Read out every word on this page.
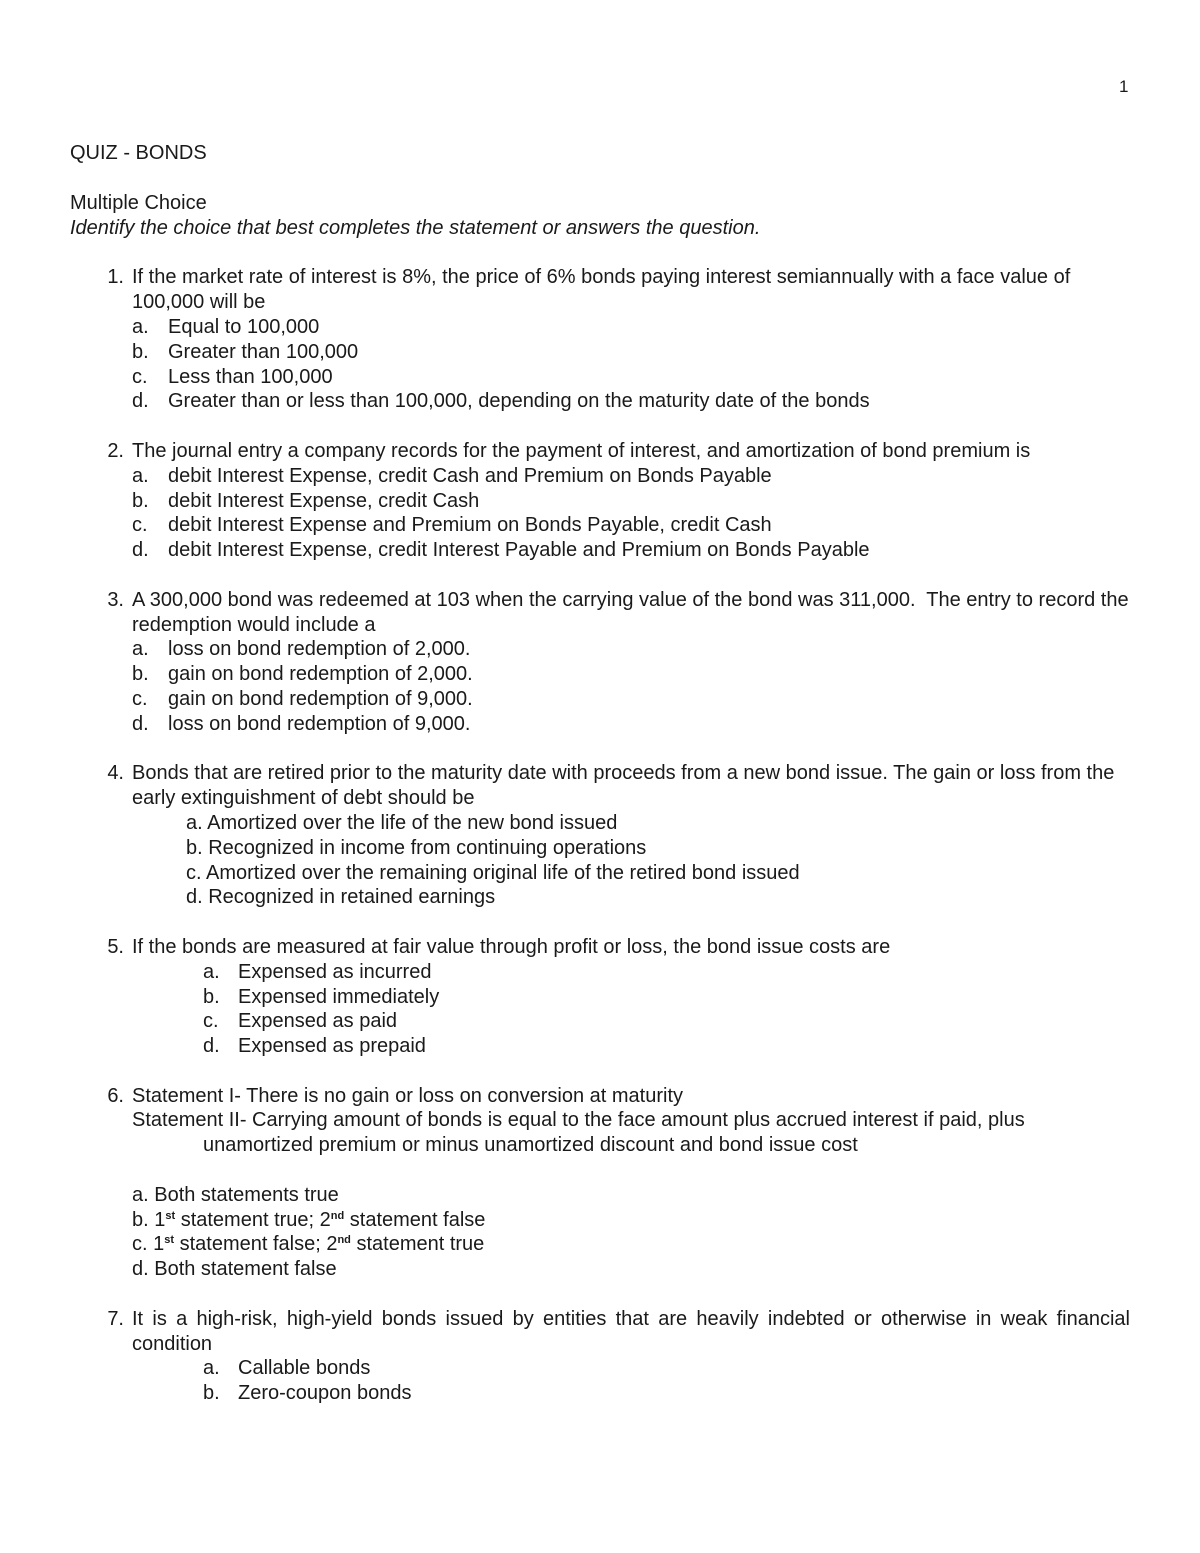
1

QUIZ - BONDS

Multiple Choice

Identify the choice that best completes the statement or answers the question.

1. If the market rate of interest is 8%, the price of 6% bonds paying interest semiannually with a face value of 100,000 will be
a. Equal to 100,000
b. Greater than 100,000
c.	Less than 100,000
d. Greater than or less than 100,000, depending on the maturity date of the bonds
2. The journal entry a company records for the payment of interest, and amortization of bond premium is
a. debit Interest Expense, credit Cash and Premium on Bonds Payable
b. debit Interest Expense, credit Cash
c.	debit Interest Expense and Premium on Bonds Payable, credit Cash
d. debit Interest Expense, credit Interest Payable and Premium on Bonds Payable
3. A 300,000 bond was redeemed at 103 when the carrying value of the bond was 311,000.  The entry to record the redemption would include a
a. loss on bond redemption of 2,000.
b. gain on bond redemption of 2,000.
c.	gain on bond redemption of 9,000.
d. loss on bond redemption of 9,000.
4. Bonds that are retired prior to the maturity date with proceeds from a new bond issue. The gain or loss from the early extinguishment of debt should be
a. Amortized over the life of the new bond issued
b. Recognized in income from continuing operations
c. Amortized over the remaining original life of the retired bond issued
d. Recognized in retained earnings
5. If the bonds are measured at fair value through profit or loss, the bond issue costs are
a. Expensed as incurred
b. Expensed immediately
c. Expensed as paid
d. Expensed as prepaid
6. Statement I- There is no gain or loss on conversion at maturity
Statement II- Carrying amount of bonds is equal to the face amount plus accrued interest if paid, plus
unamortized premium or minus unamortized discount and bond issue cost
a. Both statements true
b. 1st statement true; 2nd statement false
c. 1st statement false; 2nd statement true
d. Both statement false
7. It is a high-risk, high-yield bonds issued by entities that are heavily indebted or otherwise in weak financial condition
a. Callable bonds
b. Zero-coupon bonds
